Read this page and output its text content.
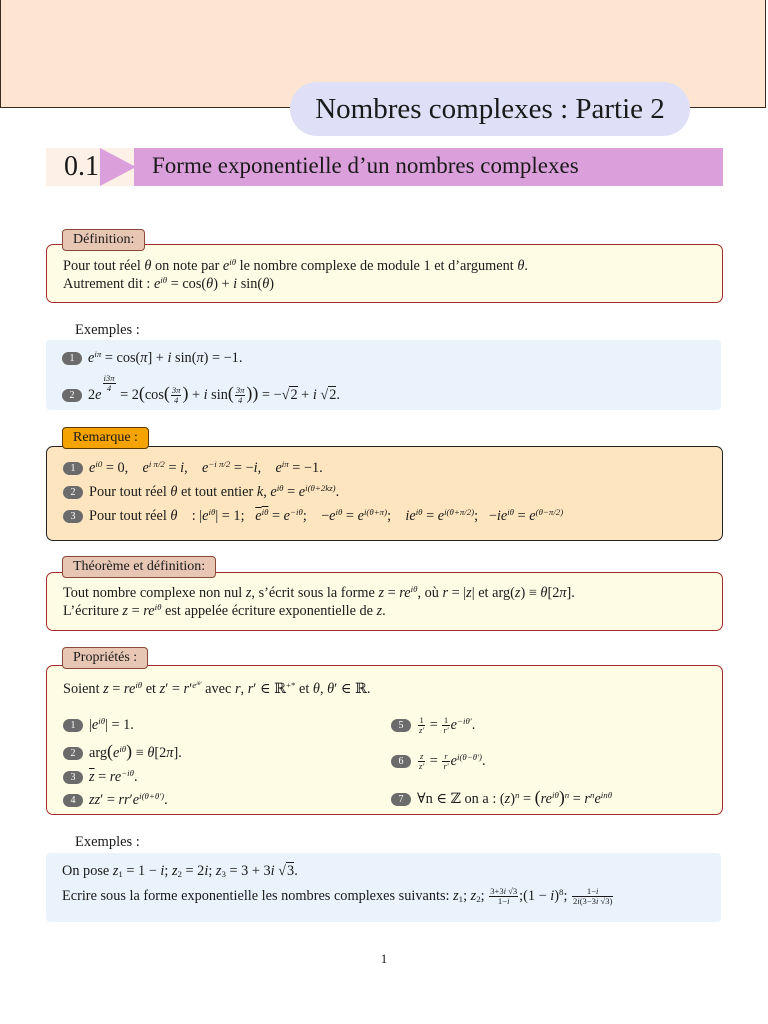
Nombres complexes : Partie 2
0.1	Forme exponentielle d’un nombres complexes
Pour tout réel θ on note par $e^{i\theta}$ le nombre complexe de module 1 et d’argument θ.
Autrement dit : $e^{i\theta} = \cos(\theta) + i$ sin(θ)
Définition:
Exemples :
1 $e^{i\pi} = \cos(\pi] + i$ sin(π) = −1.
2 2e
$\frac{i3\pi}{4}$
= $2(\cos( \frac{3\pi}{4}$ ) + i $\sin( \frac{3\pi}{4}$ )) = −√2 + i √2.
1 $e^{i0} = 0$,    $e^{i \pi/2} = i$,    $e^{-i \pi/2} = -i$,    $e^{i\pi} = -1$.
2 Pour tout réel θ et tout entier k, $e^{i\theta} = e^{i(\theta+2kz)}$.
3 Pour tout réel θ    : $|e^{i\theta}| = 1$;   $e^{i\theta} = e^{-i\theta}$;    $-e^{i\theta} = e^{i(\theta+\pi)}$;    $ie^{i\theta} = e^{i(\theta+\pi/2)}$;   $-ie^{i\theta} = e^{(\theta-\pi/2)}$
Remarque :
Tout nombre complexe non nul z, s’écrit sous la forme $z = re^{i\theta}$, où r = |z| et arg(z) ≡ θ[2π].
L’écriture $z = re^{i\theta}$ est appelée écriture exponentielle de z.
Théorème et définition:
Soient $z = re^{i\theta}$ et $z' = r'^{e^{i\theta'}}$ avec r, r′ ∈ ℝ+* et θ, θ′ ∈ ℝ.
1 $|e^{i\theta}| = 1$.
2 $arg(e^{i\theta}) \equiv \theta[2\pi]$.
3 $\overline{z} = re^{-i\theta}$.
4 $zz' = rr'e^{i(\theta+\theta')}$.
$5 \frac{1}{z'} = \frac{1}{r'} e^{-i\theta'}$.
$6 \frac{z}{z'} = \frac{r}{r'} e^{i(\theta-\theta')}$.
7 ∀n ∈ ℤ on a : $(z)^n = (re^{i\theta})^n = r^ne^{in\theta}$
Propriétés :
Exemples :
On pose $z_1 = 1 - i$; $z_2 = 2i$; $z_3 = 3 + 3i$ √3.
Ecrire sous la forme exponentielle les nombres complexes suivants: $z_1$; $z_2$; $\frac{3+3i √3}{1-i}$ ;(1 − i)$^8$; $\frac{1-i}{2i(3-3i √3)}$
1
